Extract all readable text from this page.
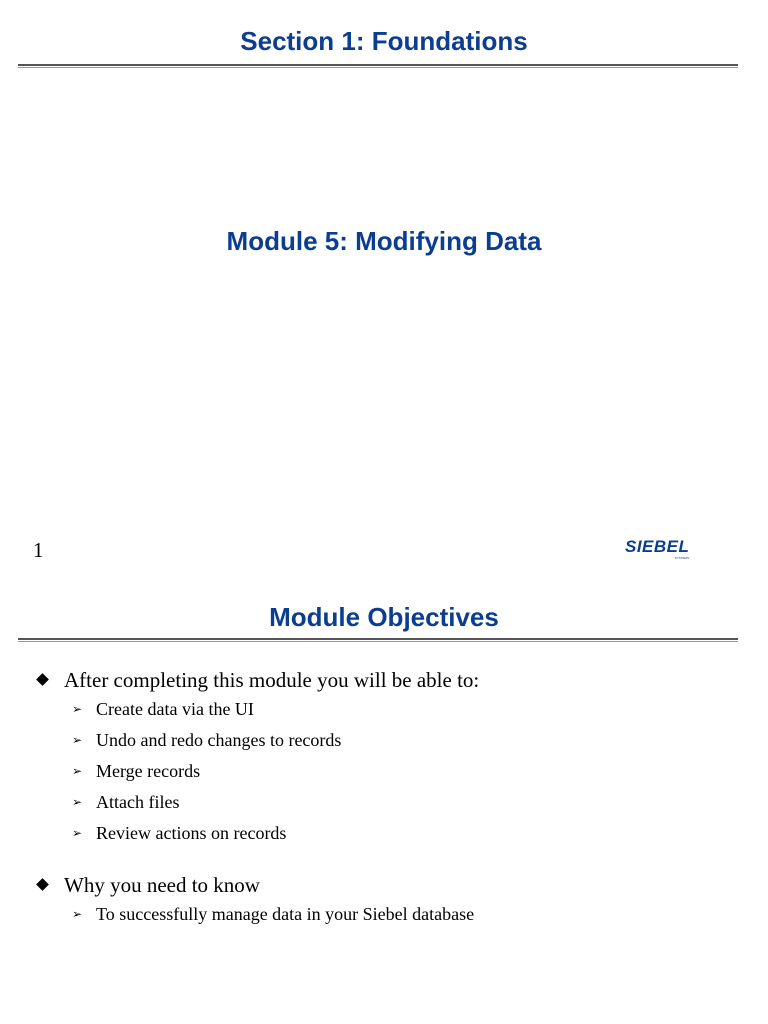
Section 1: Foundations
Module 5: Modifying Data
1	SIEBEL
SYSTEMS
Module Objectives
After completing this module you will be able to:
➢ Create data via the UI
➢ Undo and redo changes to records
➢ Merge records
➢ Attach files
➢ Review actions on records
Why you need to know
➢ To successfully manage data in your Siebel database
